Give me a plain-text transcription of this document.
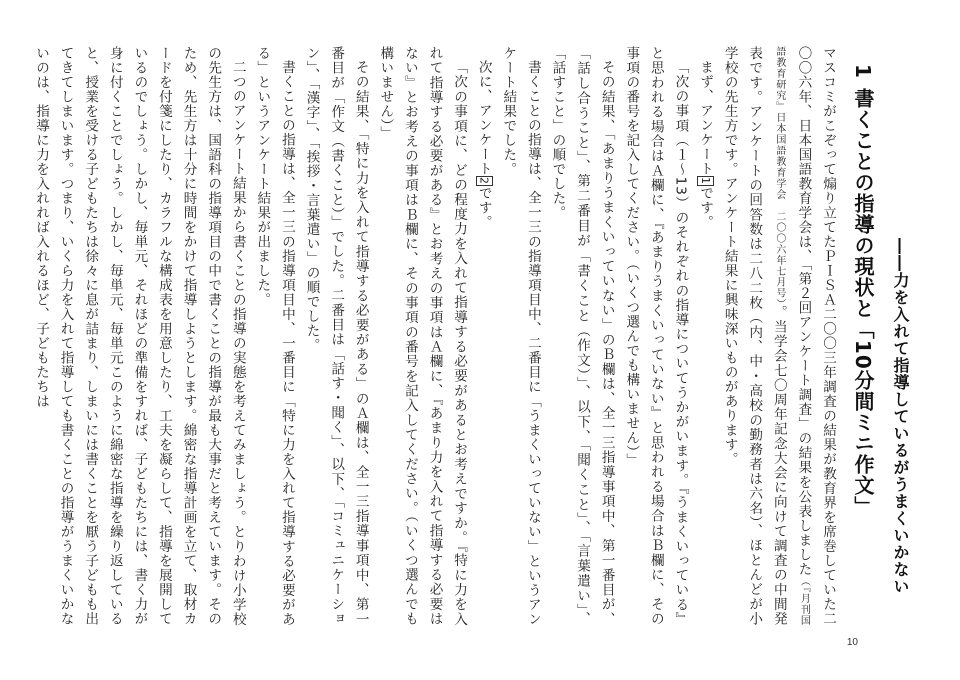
1書くことの指導の現状と「10分間ミニ作文」 ――力を入れて指導しているがうまくいかない

マスコミがこぞって煽り立てたＰＩＳＡ二〇〇三年調査の結果が教育界を席巻していた二〇〇六年、日本国語教育学会は、「第２回アンケート調査」の結果を公表しました（『月刊国語教育研究』日本国語教育学会　二〇〇六年七月号）。当学会七〇周年記念大会に向けて調査の中間発表です。アンケートの回答数は二八二枚（内、中・高校の勤務者は六名）、ほとんどが小学校の先生方です。アンケート結果に興味深いものがあります。

まず、アンケート1です。

「次の事項（１〜13）のそれぞれの指導についてうかがいます。『うまくいっている』と思われる場合はＡ欄に、『あまりうまくいっていない』と思われる場合はＢ欄に、その事項の番号を記入してください。（いくつ選んでも構いません）」

その結果、「あまりうまくいっていない」のＢ欄は、全一三指導事項中、第一番目が、「話し合うこと」、第二番目が「書くこと（作文）」、以下、「聞くこと」、「言葉遣い」、「話すこと」の順でした。

書くことの指導は、全一三の指導項目中、二番目に「うまくいっていない」というアンケート結果でした。

次に、アンケート2です。

「次の事項に、どの程度力を入れて指導する必要があるとお考えですか。『特に力を入れて指導する必要がある』とお考えの事項はＡ欄に、『あまり力を入れて指導する必要はない』とお考えの事項はＢ欄に、その事項の番号を記入してください。（いくつ選んでも構いません）」

その結果、「特に力を入れて指導する必要がある」のＡ欄は、全一三指導事項中、第一番目が「作文（書くこと）」でした。二番目は「話す・聞く」、以下、「コミュニケーション」、「漢字」、「挨拶・言葉遣い」の順でした。

書くことの指導は、全一三の指導項目中、一番目に「特に力を入れて指導する必要がある」というアンケート結果が出ました。

二つのアンケート結果から書くことの指導の実態を考えてみましょう。とりわけ小学校の先生方は、国語科の指導項目の中で書くことの指導が最も大事だと考えています。そのため、先生方は十分に時間をかけて指導しようとします。綿密な指導計画を立て、取材カードを付箋にしたり、カラフルな構成表を用意したり、工夫を凝らして、指導を展開しているのでしょう。しかし、毎単元、それほどの準備をすれば、子どもたちには、書く力が身に付くことでしょう。しかし、毎単元、毎単元このように綿密な指導を繰り返していると、授業を受ける子どもたちは徐々に息が詰まり、しまいには書くことを厭う子どもも出てきてしまいます。つまり、いくら力を入れて指導しても書くことの指導がうまくいかないのは、指導に力を入れれば入れるほど、子どもたちは

10
